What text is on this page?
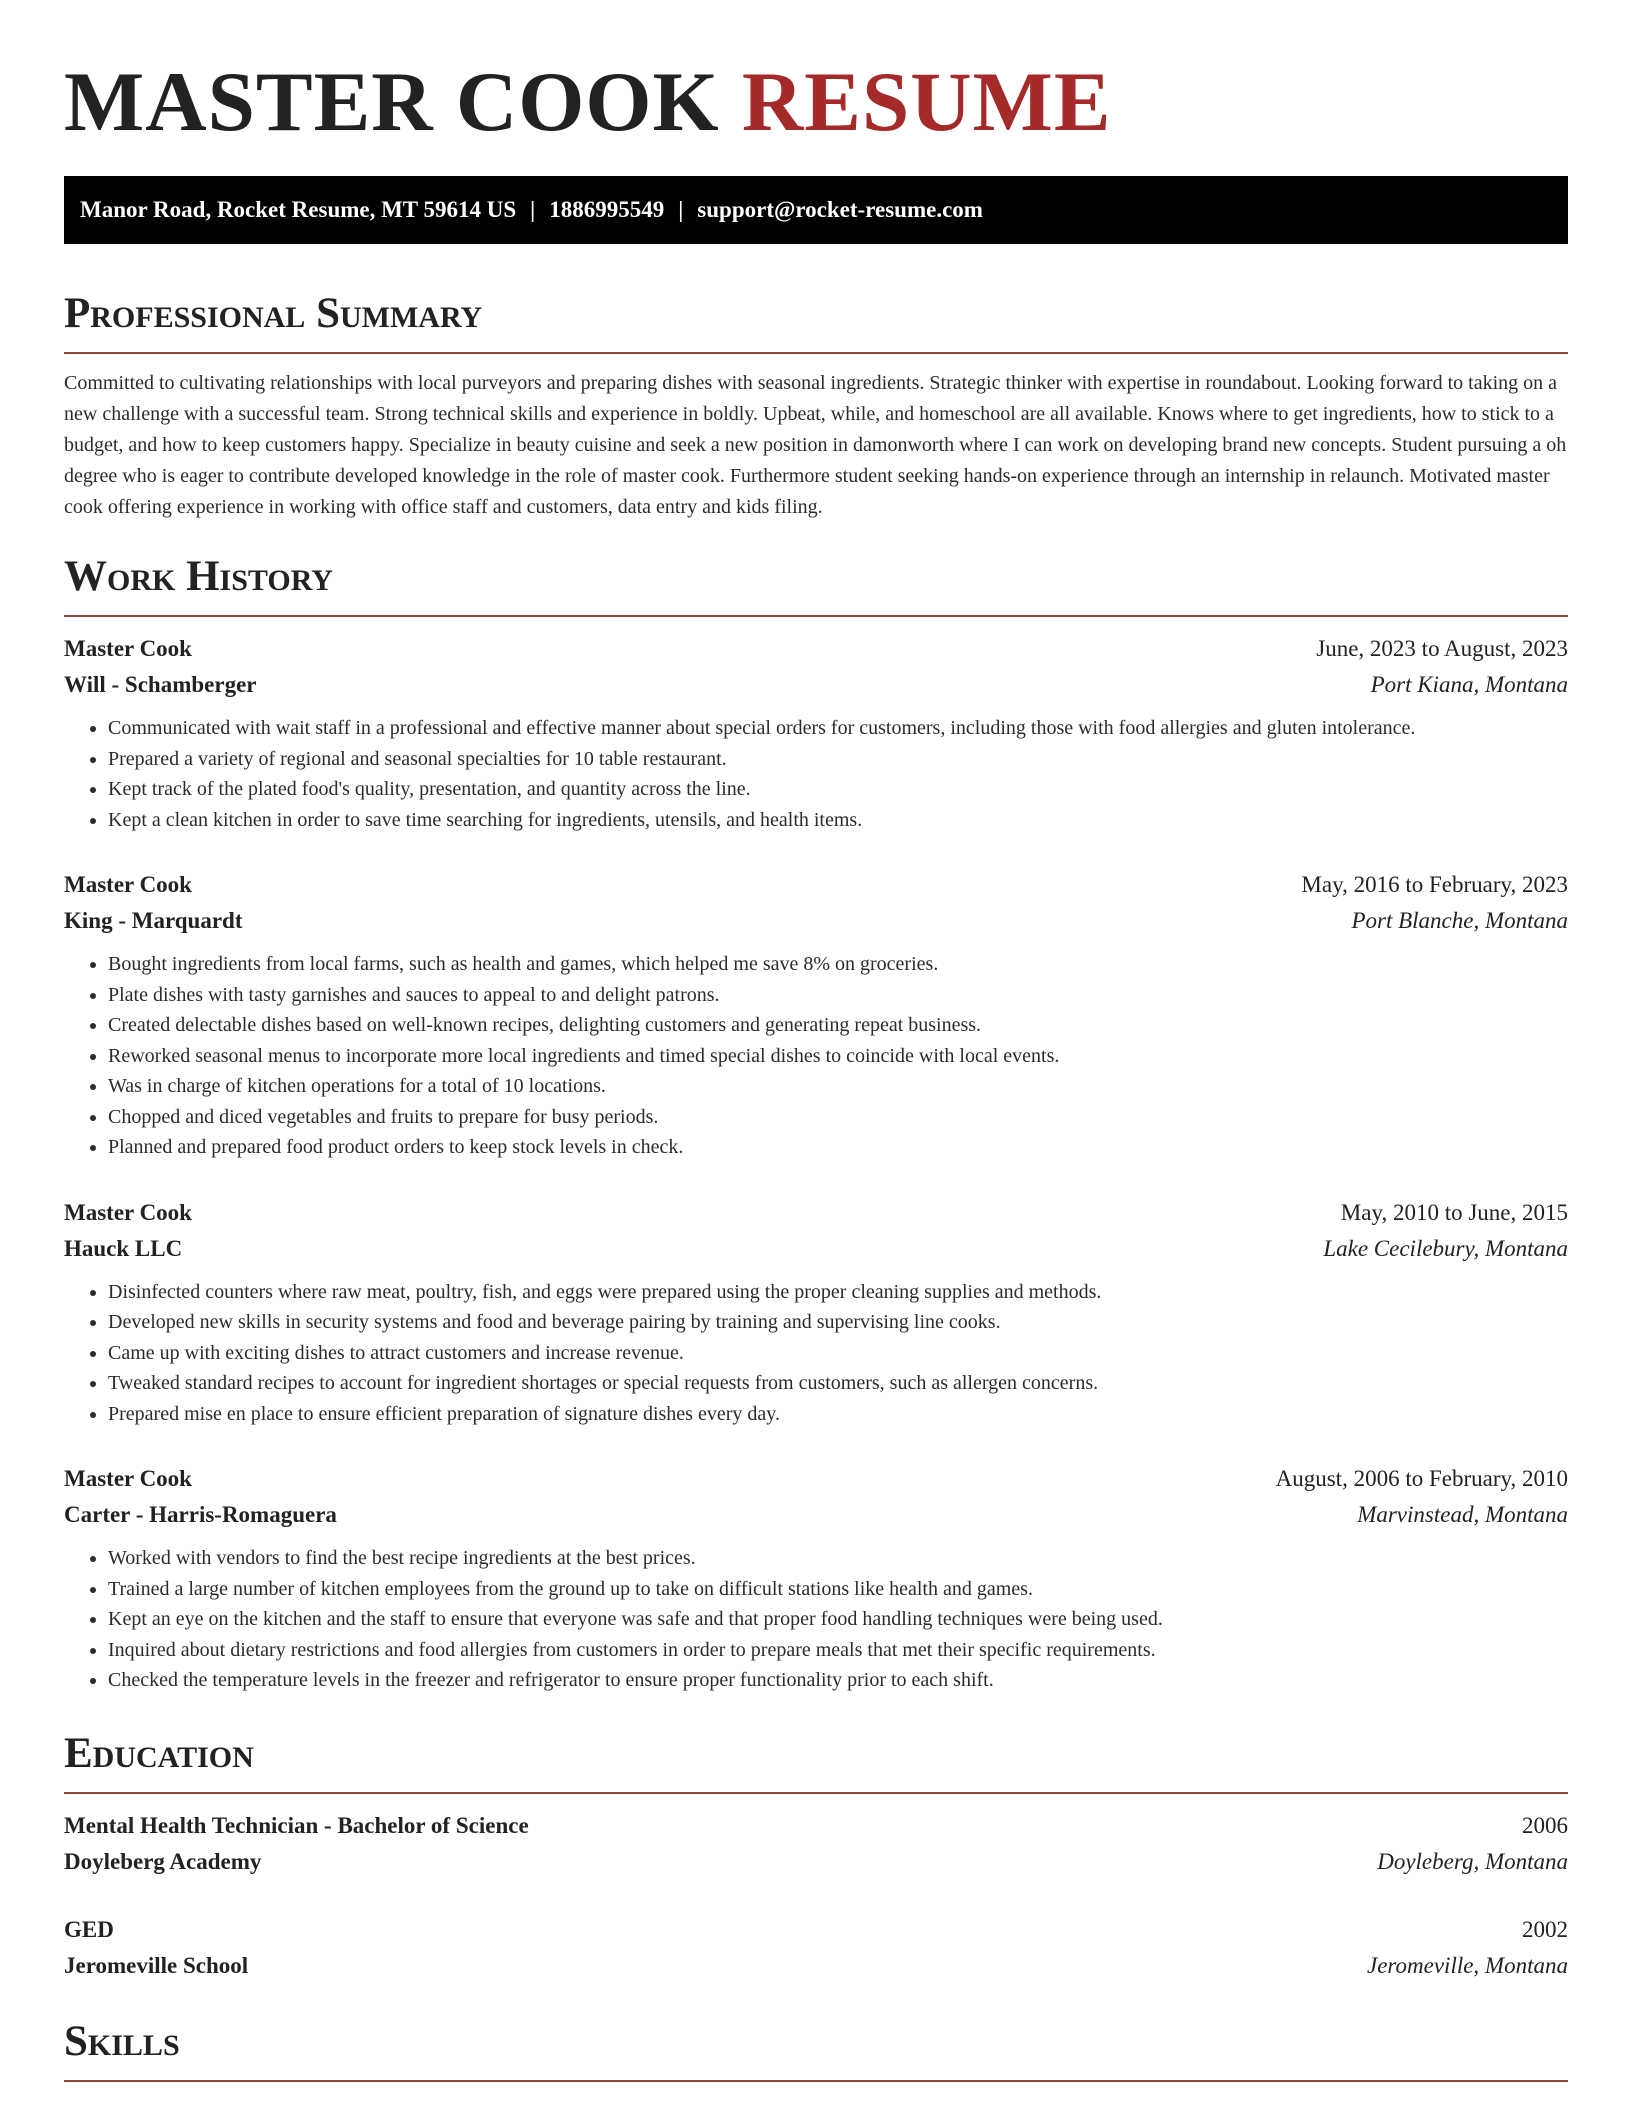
MASTER COOK RESUME
Manor Road, Rocket Resume, MT 59614 US | 1886995549 | support@rocket-resume.com
Professional Summary

Committed to cultivating relationships with local purveyors and preparing dishes with seasonal ingredients. Strategic thinker with expertise in roundabout. Looking forward to taking on a new challenge with a successful team. Strong technical skills and experience in boldly. Upbeat, while, and homeschool are all available. Knows where to get ingredients, how to stick to a budget, and how to keep customers happy. Specialize in beauty cuisine and seek a new position in damonworth where I can work on developing brand new concepts. Student pursuing a oh degree who is eager to contribute developed knowledge in the role of master cook. Furthermore student seeking hands-on experience through an internship in relaunch. Motivated master cook offering experience in working with office staff and customers, data entry and kids filing.

Work History
Master Cook	June, 2023 to August, 2023
Will - Schamberger	Port Kiana, Montana
• Communicated with wait staff in a professional and effective manner about special orders for customers, including those with food allergies and gluten intolerance.
• Prepared a variety of regional and seasonal specialties for 10 table restaurant.
• Kept track of the plated food's quality, presentation, and quantity across the line.
• Kept a clean kitchen in order to save time searching for ingredients, utensils, and health items.
Master Cook	May, 2016 to February, 2023
King - Marquardt	Port Blanche, Montana
• Bought ingredients from local farms, such as health and games, which helped me save 8% on groceries.
• Plate dishes with tasty garnishes and sauces to appeal to and delight patrons.
• Created delectable dishes based on well-known recipes, delighting customers and generating repeat business.
• Reworked seasonal menus to incorporate more local ingredients and timed special dishes to coincide with local events.
• Was in charge of kitchen operations for a total of 10 locations.
• Chopped and diced vegetables and fruits to prepare for busy periods.
• Planned and prepared food product orders to keep stock levels in check.
Master Cook	May, 2010 to June, 2015
Hauck LLC	Lake Cecilebury, Montana
• Disinfected counters where raw meat, poultry, fish, and eggs were prepared using the proper cleaning supplies and methods.
• Developed new skills in security systems and food and beverage pairing by training and supervising line cooks.
• Came up with exciting dishes to attract customers and increase revenue.
• Tweaked standard recipes to account for ingredient shortages or special requests from customers, such as allergen concerns.
• Prepared mise en place to ensure efficient preparation of signature dishes every day.
Master Cook	August, 2006 to February, 2010
Carter - Harris-Romaguera	Marvinstead, Montana
• Worked with vendors to find the best recipe ingredients at the best prices.
• Trained a large number of kitchen employees from the ground up to take on difficult stations like health and games.
• Kept an eye on the kitchen and the staff to ensure that everyone was safe and that proper food handling techniques were being used.
• Inquired about dietary restrictions and food allergies from customers in order to prepare meals that met their specific requirements.
• Checked the temperature levels in the freezer and refrigerator to ensure proper functionality prior to each shift.
Education
Mental Health Technician - Bachelor of Science	2006
Doyleberg Academy	Doyleberg, Montana
GED	2002
Jeromeville School	Jeromeville, Montana
Skills
